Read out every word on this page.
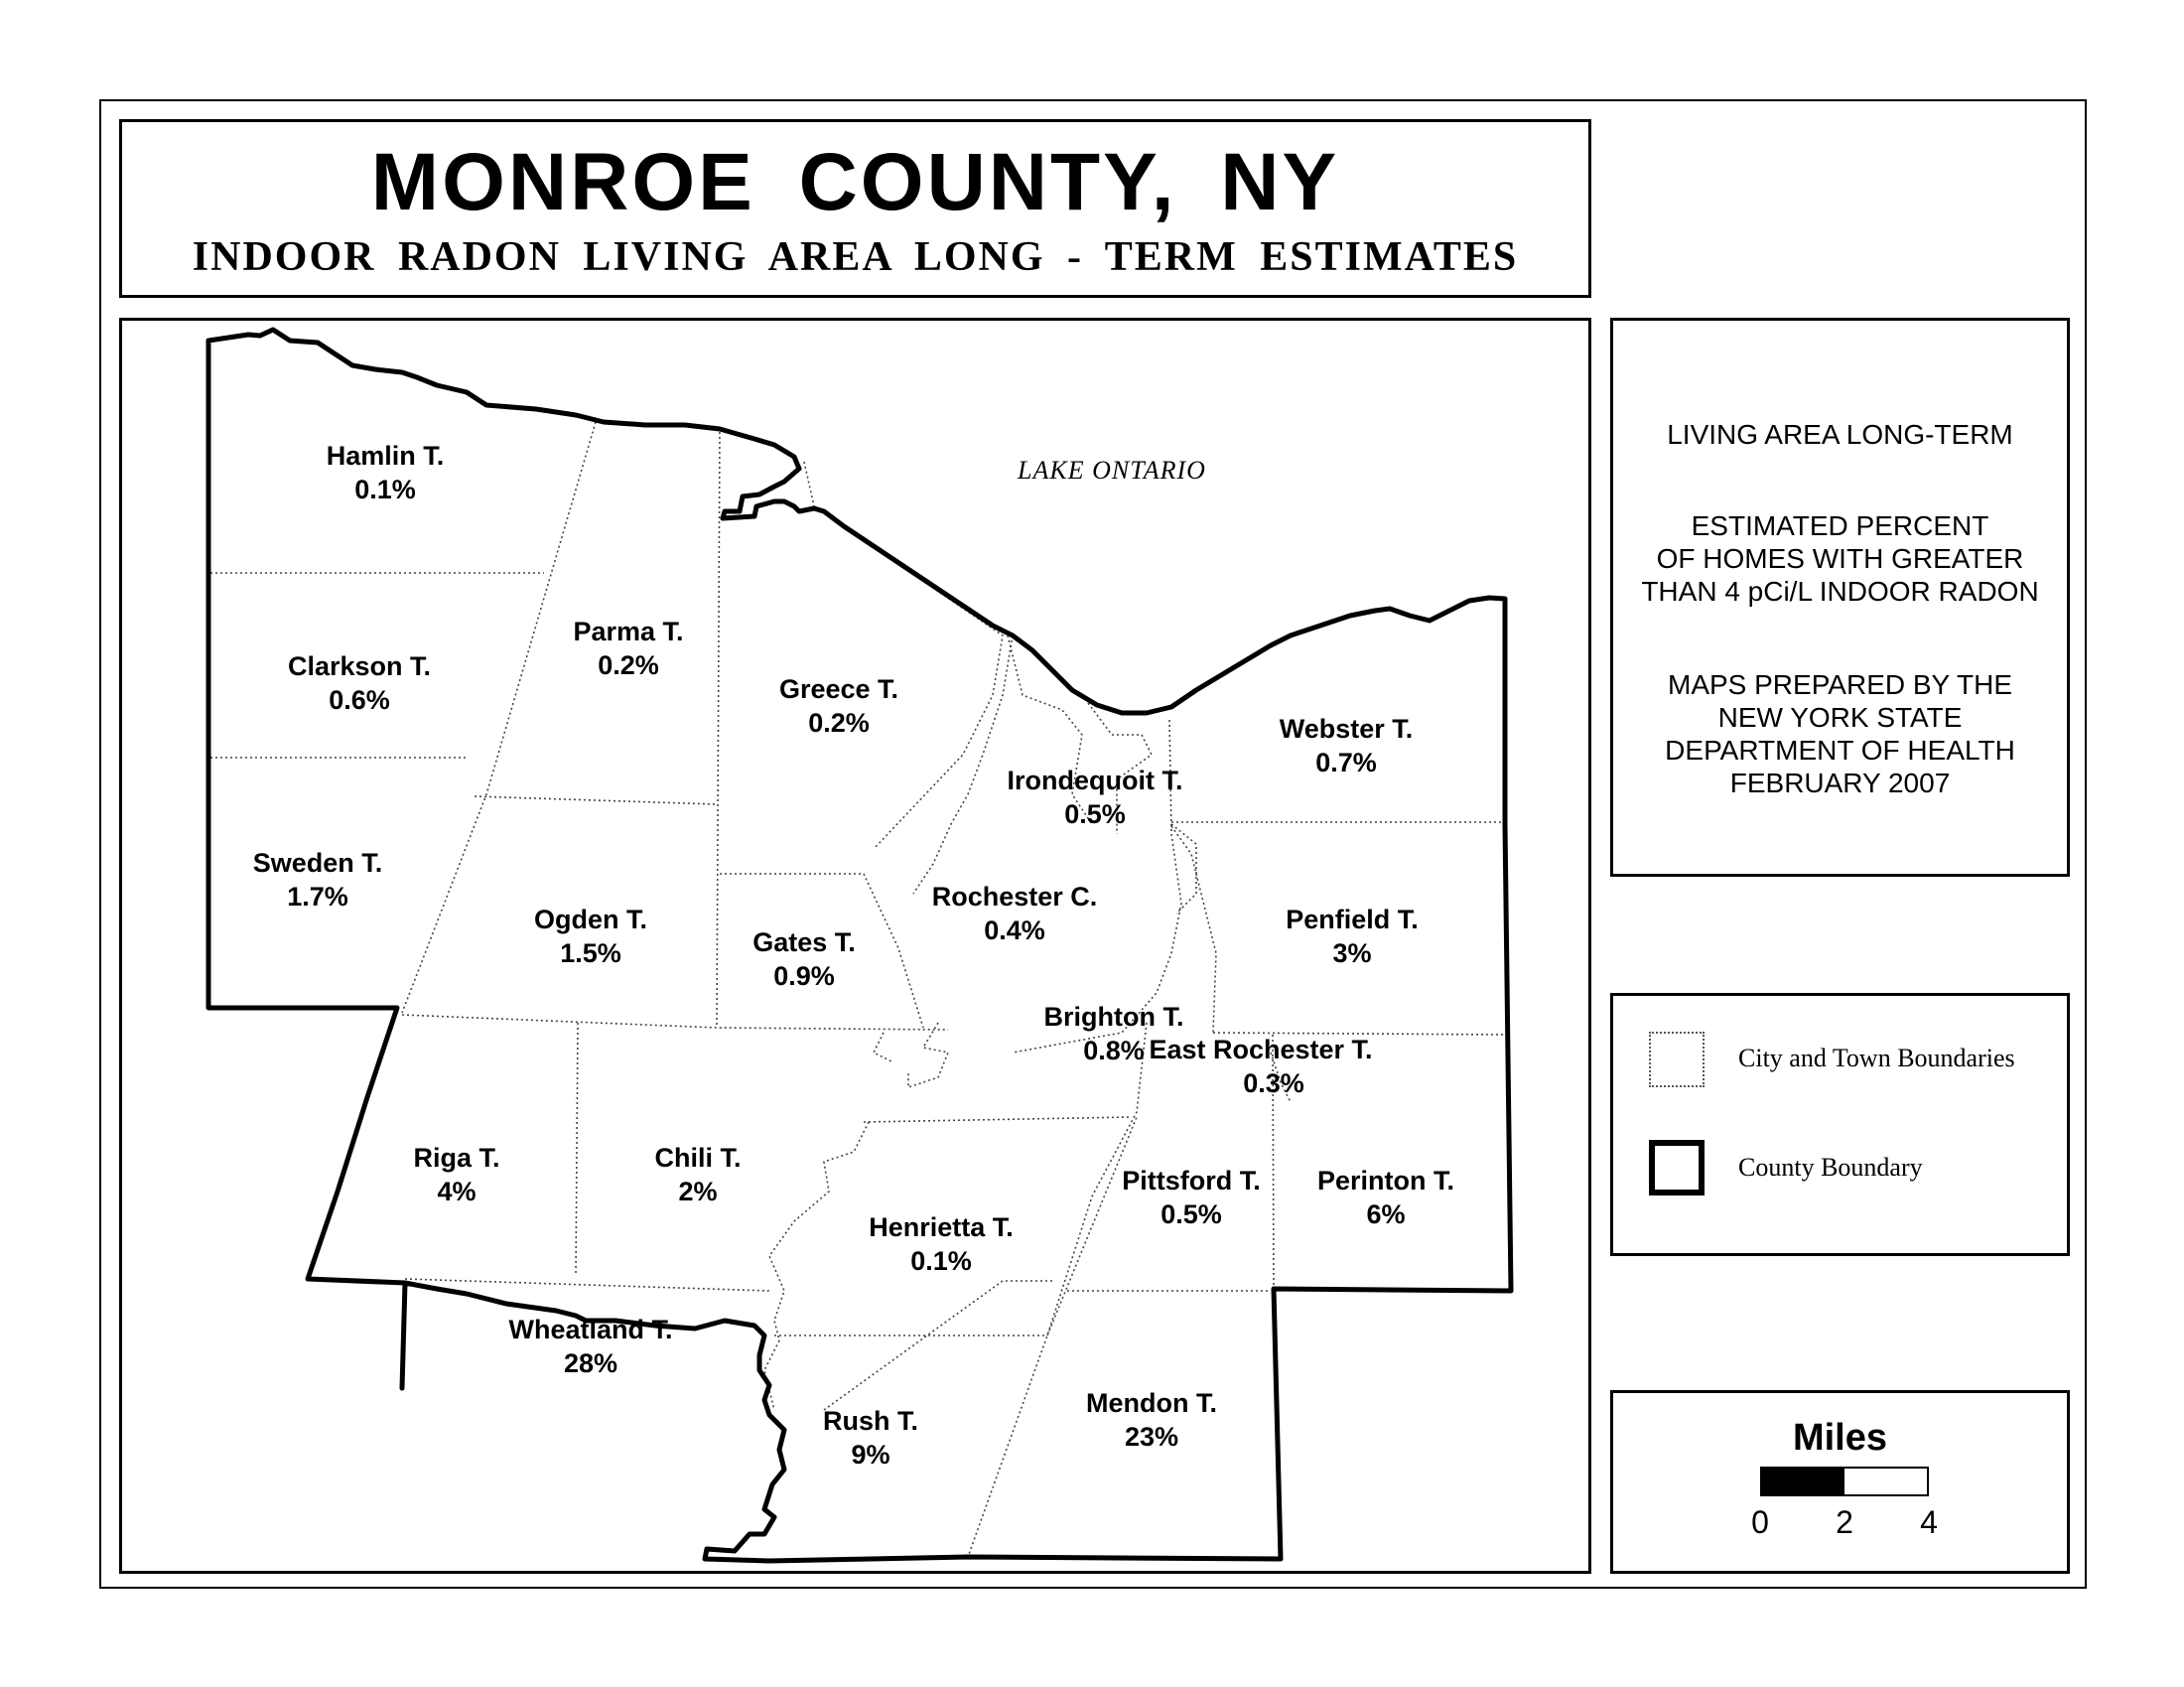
MONROE COUNTY, NY
INDOOR RADON LIVING AREA LONG - TERM ESTIMATES
LAKE ONTARIO
Hamlin T.
0.1%
Clarkson T.
0.6%
Parma T.
0.2%
Greece T.
0.2%
Sweden T.
1.7%
Ogden T.
1.5%	Gates T.
0.9%
Rochester C.
0.4%
Irondequoit T.
0.5%
Webster T.
0.7%
Penfield T.
3%
Brighton T.
0.8% East Rochester T.
0.3%
Riga T.
4%
Chili T.
2%
Henrietta T.
0.1%
Pittsford T.
0.5%
Perinton T.
6%
Wheatland T.
28%
Rush T.
9%
Mendon T.
23%
LIVING AREA LONG-TERM
ESTIMATED PERCENT
OF HOMES WITH GREATER
THAN 4 pCi/L INDOOR RADON
MAPS PREPARED BY THE
NEW YORK STATE
DEPARTMENT OF HEALTH
FEBRUARY 2007
City and Town Boundaries
County Boundary
Miles
0 2 4
